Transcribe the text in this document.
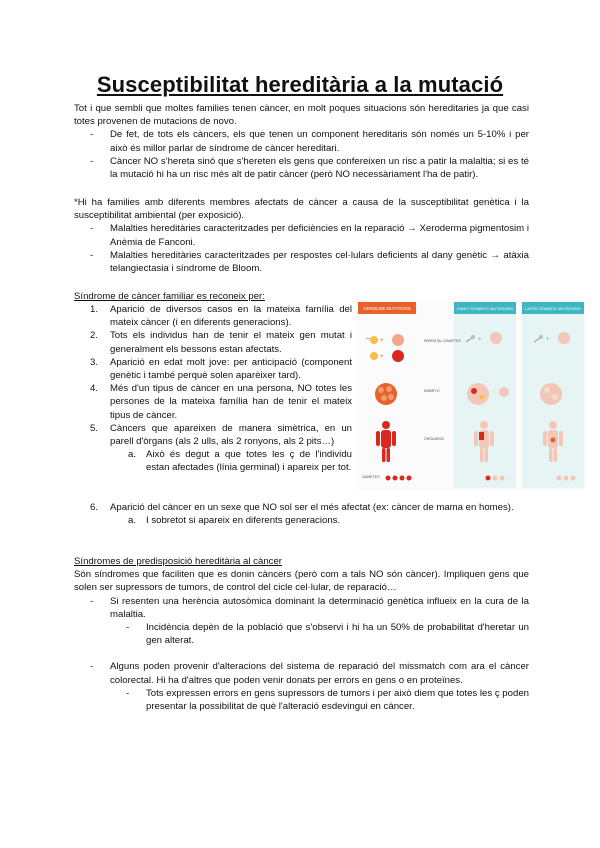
Susceptibilitat hereditària a la mutació

Tot i que sembli que moltes families tenen càncer, en molt poques situacions són hereditaries ja que casi totes provenen de mutacions de novo.

- De fet, de tots els càncers, els que tenen un component hereditaris són només un 5-10% i per això és millor parlar de síndrome de càncer hereditari.

- Càncer NO s'hereta sinó que s'hereten els gens que confereixen un risc a patir la malaltia; si es té la mutació hi ha un risc més alt de patir càncer (però NO necessàriament l'ha de patir).

*Hi ha families amb diferents membres afectats de càncer a causa de la susceptibilitat genètica i la susceptibilitat ambiental (per exposició).

- Malalties hereditàries caracteritzades per deficiències en la reparació → Xeroderma pigmentosim i Anèmia de Fanconi.

- Malalties hereditàries caracteritzades per respostes cel·lulars deficients al dany genètic → atàxia telangiectasia i síndrome de Bloom.

Síndrome de càncer familiar es reconeix per:

1. Aparició de diversos casos en la mateixa família del mateix càncer (i en diferents generacions).

2. Tots els individus han de tenir el mateix gen mutat i generalment els bessons estan afectats.

3. Aparició en edat molt jove: per anticipació (component genètic i també perquè solen aparèixer tard).

4. Més d'un tipus de càncer en una persona, NO totes les persones de la mateixa família han de tenir el mateix tipus de càncer.

5. Càncers que apareixen de manera simètrica, en un parell d'òrgans (als 2 ulls, als 2 ronyons, als 2 pits…)

a. Això és degut a que totes les ç de l'individu estan afectades (línia germinal) i apareix per tot.

6. Aparició del càncer en un sexe que NO sol ser el més afectat (ex: càncer de mama en homes).

a. I sobretot si apareix en diferents generacions.

GERMLINE MUTATIONS	EARLY SOMATIC MUTATIONS	LATER SOMATIC MUTATIONS
PARENTAL GAMETES
EMBRYO
ORGANISM
GAMETES
+
+
+	+

Síndromes de predisposició hereditària al càncer

Són síndromes que faciliten que es donin càncers (però com a tals NO són càncer). Impliquen gens que solen ser supressors de tumors, de control del cicle cel·lular, de reparació…

- Si resenten una herència autosòmica dominant la determinació genètica influeix en la cura de la malaltia.

- Incidència depèn de la població que s'observi i hi ha un 50% de probabilitat d'heretar un gen alterat.

- Alguns poden provenir d'alteracions del sistema de reparació del missmatch com ara el càncer colorectal. Hi ha d'altres que poden venir donats per errors en gens o en proteïnes.

- Tots expressen errors en gens supressors de tumors i per això diem que totes les ç poden presentar la possibilitat de què l'alteració esdevingui en càncer.
